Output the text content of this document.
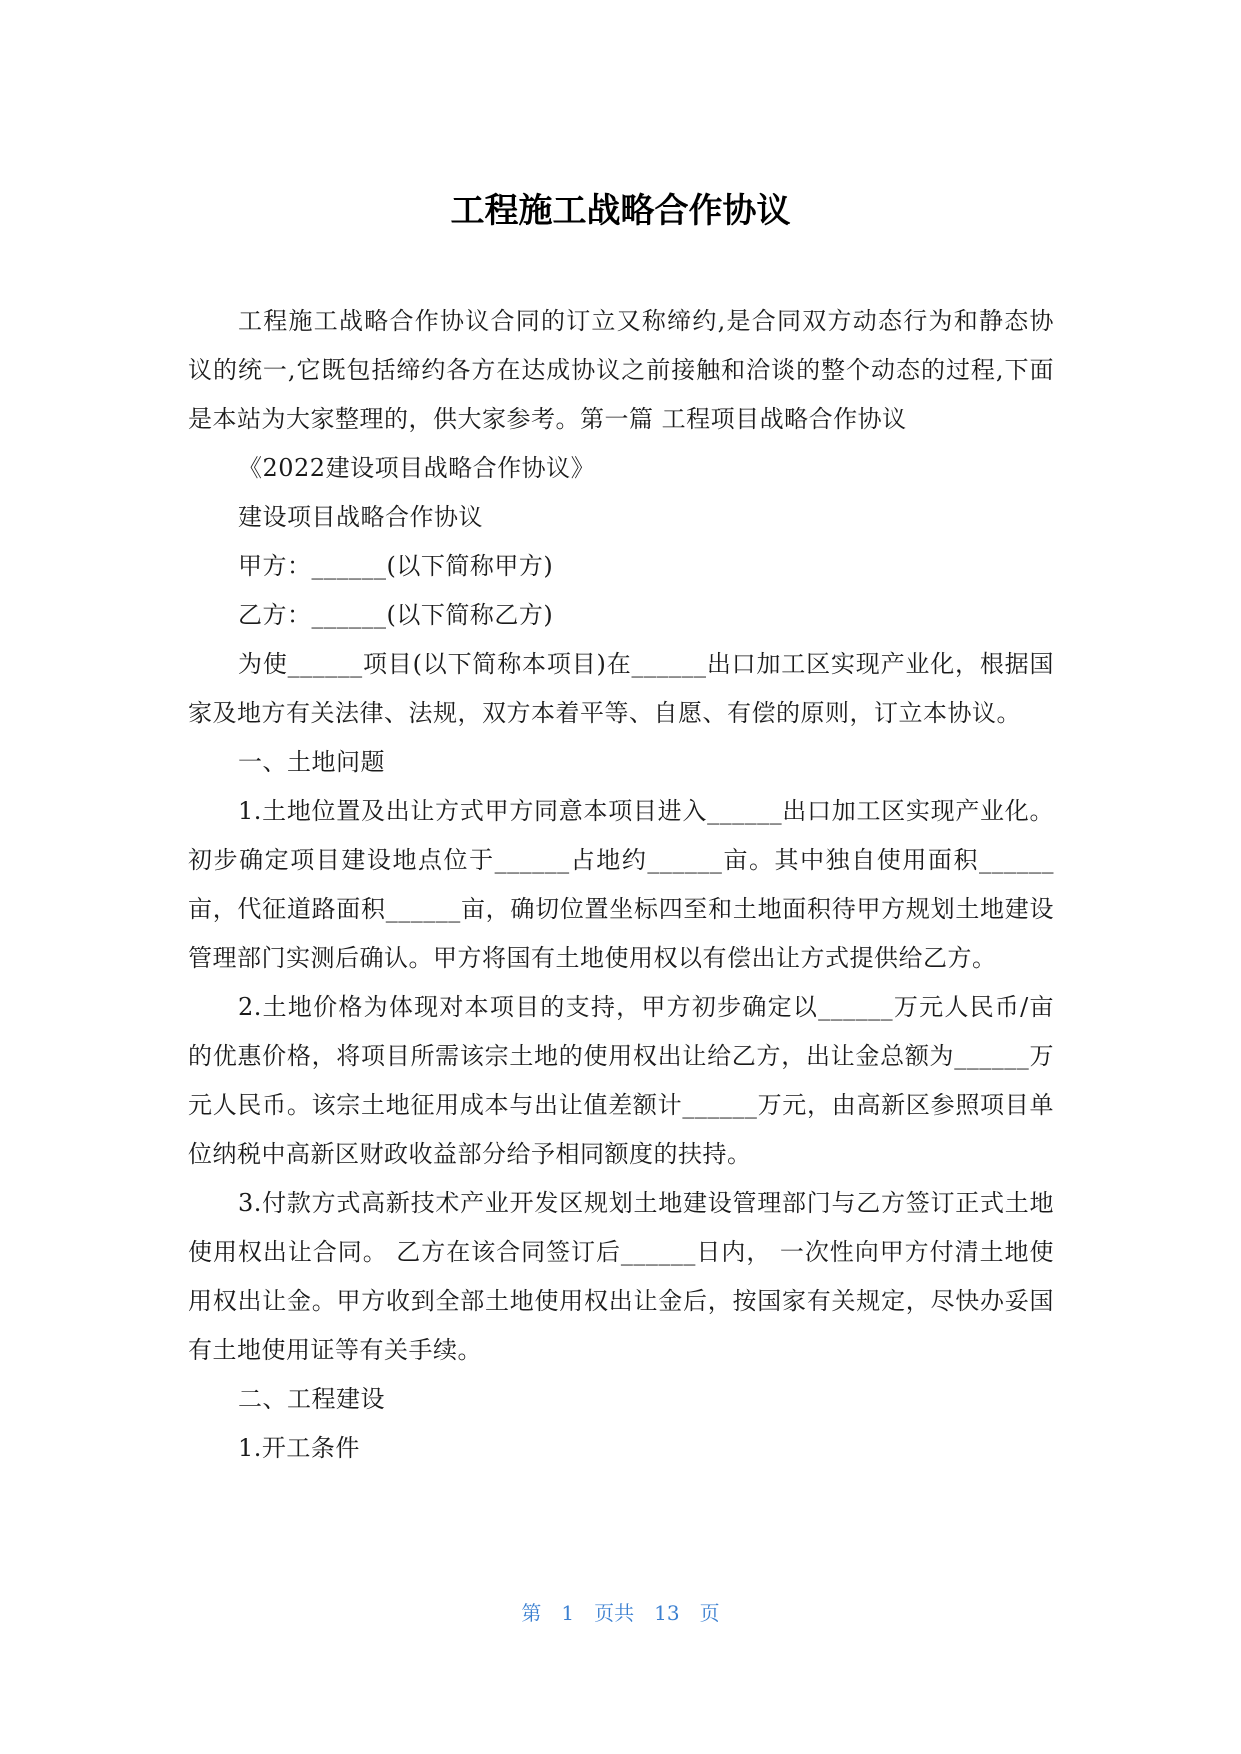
工程施工战略合作协议

工程施工战略合作协议合同的订立又称缔约,是合同双方动态行为和静态协议的统一,它既包括缔约各方在达成协议之前接触和洽谈的整个动态的过程,下面是本站为大家整理的，供大家参考。第一篇 工程项目战略合作协议

《2022建设项目战略合作协议》

建设项目战略合作协议

甲方：______(以下简称甲方)

乙方：______(以下简称乙方)

为使______项目(以下简称本项目)在______出口加工区实现产业化，根据国家及地方有关法律、法规，双方本着平等、自愿、有偿的原则，订立本协议。

一、土地问题

1.土地位置及出让方式甲方同意本项目进入______出口加工区实现产业化。初步确定项目建设地点位于______占地约______亩。其中独自使用面积______亩，代征道路面积______亩，确切位置坐标四至和土地面积待甲方规划土地建设管理部门实测后确认。甲方将国有土地使用权以有偿出让方式提供给乙方。

2.土地价格为体现对本项目的支持，甲方初步确定以______万元人民币/亩的优惠价格，将项目所需该宗土地的使用权出让给乙方，出让金总额为______万元人民币。该宗土地征用成本与出让值差额计______万元，由高新区参照项目单位纳税中高新区财政收益部分给予相同额度的扶持。

3.付款方式高新技术产业开发区规划土地建设管理部门与乙方签订正式土地使用权出让合同。 乙方在该合同签订后______日内， 一次性向甲方付清土地使用权出让金。甲方收到全部土地使用权出让金后，按国家有关规定，尽快办妥国有土地使用证等有关手续。

二、工程建设

1.开工条件

第 1 页共 13 页
